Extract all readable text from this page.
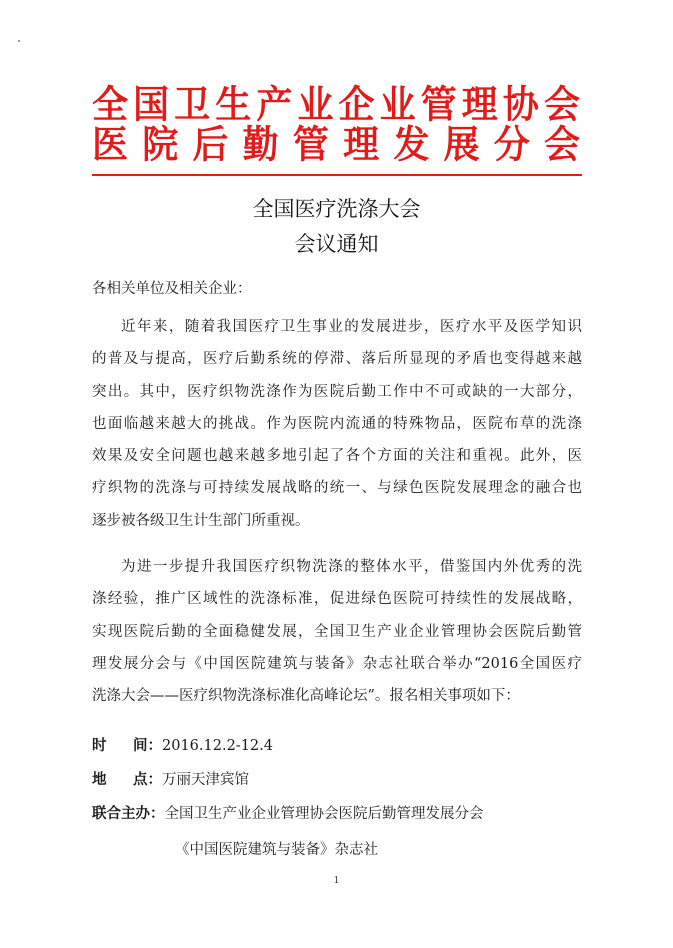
全国卫生产业企业管理协会
医院后勤管理发展分会
全国医疗洗涤大会
会议通知
各相关单位及相关企业：
近年来，随着我国医疗卫生事业的发展进步，医疗水平及医学知识
的普及与提高，医疗后勤系统的停滞、落后所显现的矛盾也变得越来越
突出。其中，医疗织物洗涤作为医院后勤工作中不可或缺的一大部分，
也面临越来越大的挑战。作为医院内流通的特殊物品，医院布草的洗涤
效果及安全问题也越来越多地引起了各个方面的关注和重视。此外，医
疗织物的洗涤与可持续发展战略的统一、与绿色医院发展理念的融合也
逐步被各级卫生计生部门所重视。
为进一步提升我国医疗织物洗涤的整体水平，借鉴国内外优秀的洗
涤经验，推广区域性的洗涤标准，促进绿色医院可持续性的发展战略，
实现医院后勤的全面稳健发展，全国卫生产业企业管理协会医院后勤管
理发展分会与《中国医院建筑与装备》杂志社联合举办“2016全国医疗
洗涤大会——医疗织物洗涤标准化高峰论坛”。报名相关事项如下：
时 间： 2016.12.2-12.4
地 点： 万丽天津宾馆
联合主办：全国卫生产业企业管理协会医院后勤管理发展分会
《中国医院建筑与装备》杂志社
1
